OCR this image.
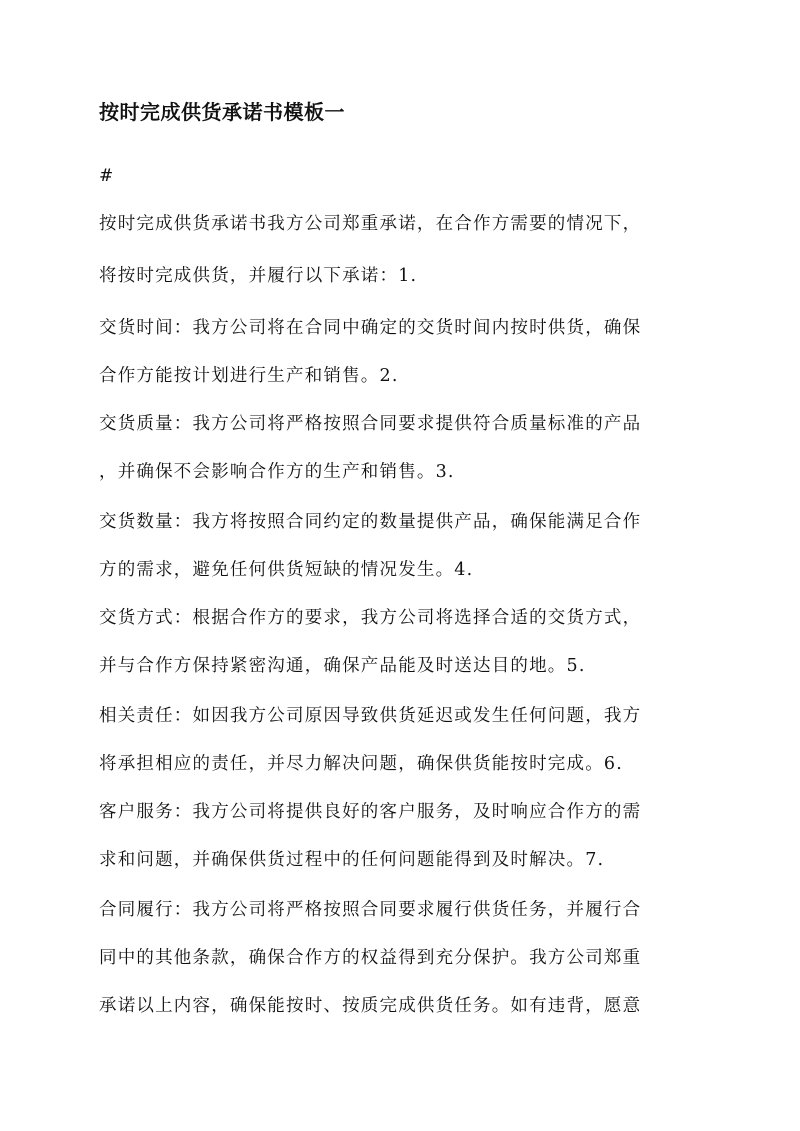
按时完成供货承诺书模板一
#
按时完成供货承诺书我方公司郑重承诺，在合作方需要的情况下，
将按时完成供货，并履行以下承诺：1.
交货时间：我方公司将在合同中确定的交货时间内按时供货，确保
合作方能按计划进行生产和销售。2.
交货质量：我方公司将严格按照合同要求提供符合质量标准的产品
，并确保不会影响合作方的生产和销售。3.
交货数量：我方将按照合同约定的数量提供产品，确保能满足合作
方的需求，避免任何供货短缺的情况发生。4.
交货方式：根据合作方的要求，我方公司将选择合适的交货方式，
并与合作方保持紧密沟通，确保产品能及时送达目的地。5.
相关责任：如因我方公司原因导致供货延迟或发生任何问题，我方
将承担相应的责任，并尽力解决问题，确保供货能按时完成。6.
客户服务：我方公司将提供良好的客户服务，及时响应合作方的需
求和问题，并确保供货过程中的任何问题能得到及时解决。7.
合同履行：我方公司将严格按照合同要求履行供货任务，并履行合
同中的其他条款，确保合作方的权益得到充分保护。我方公司郑重
承诺以上内容，确保能按时、按质完成供货任务。如有违背，愿意
